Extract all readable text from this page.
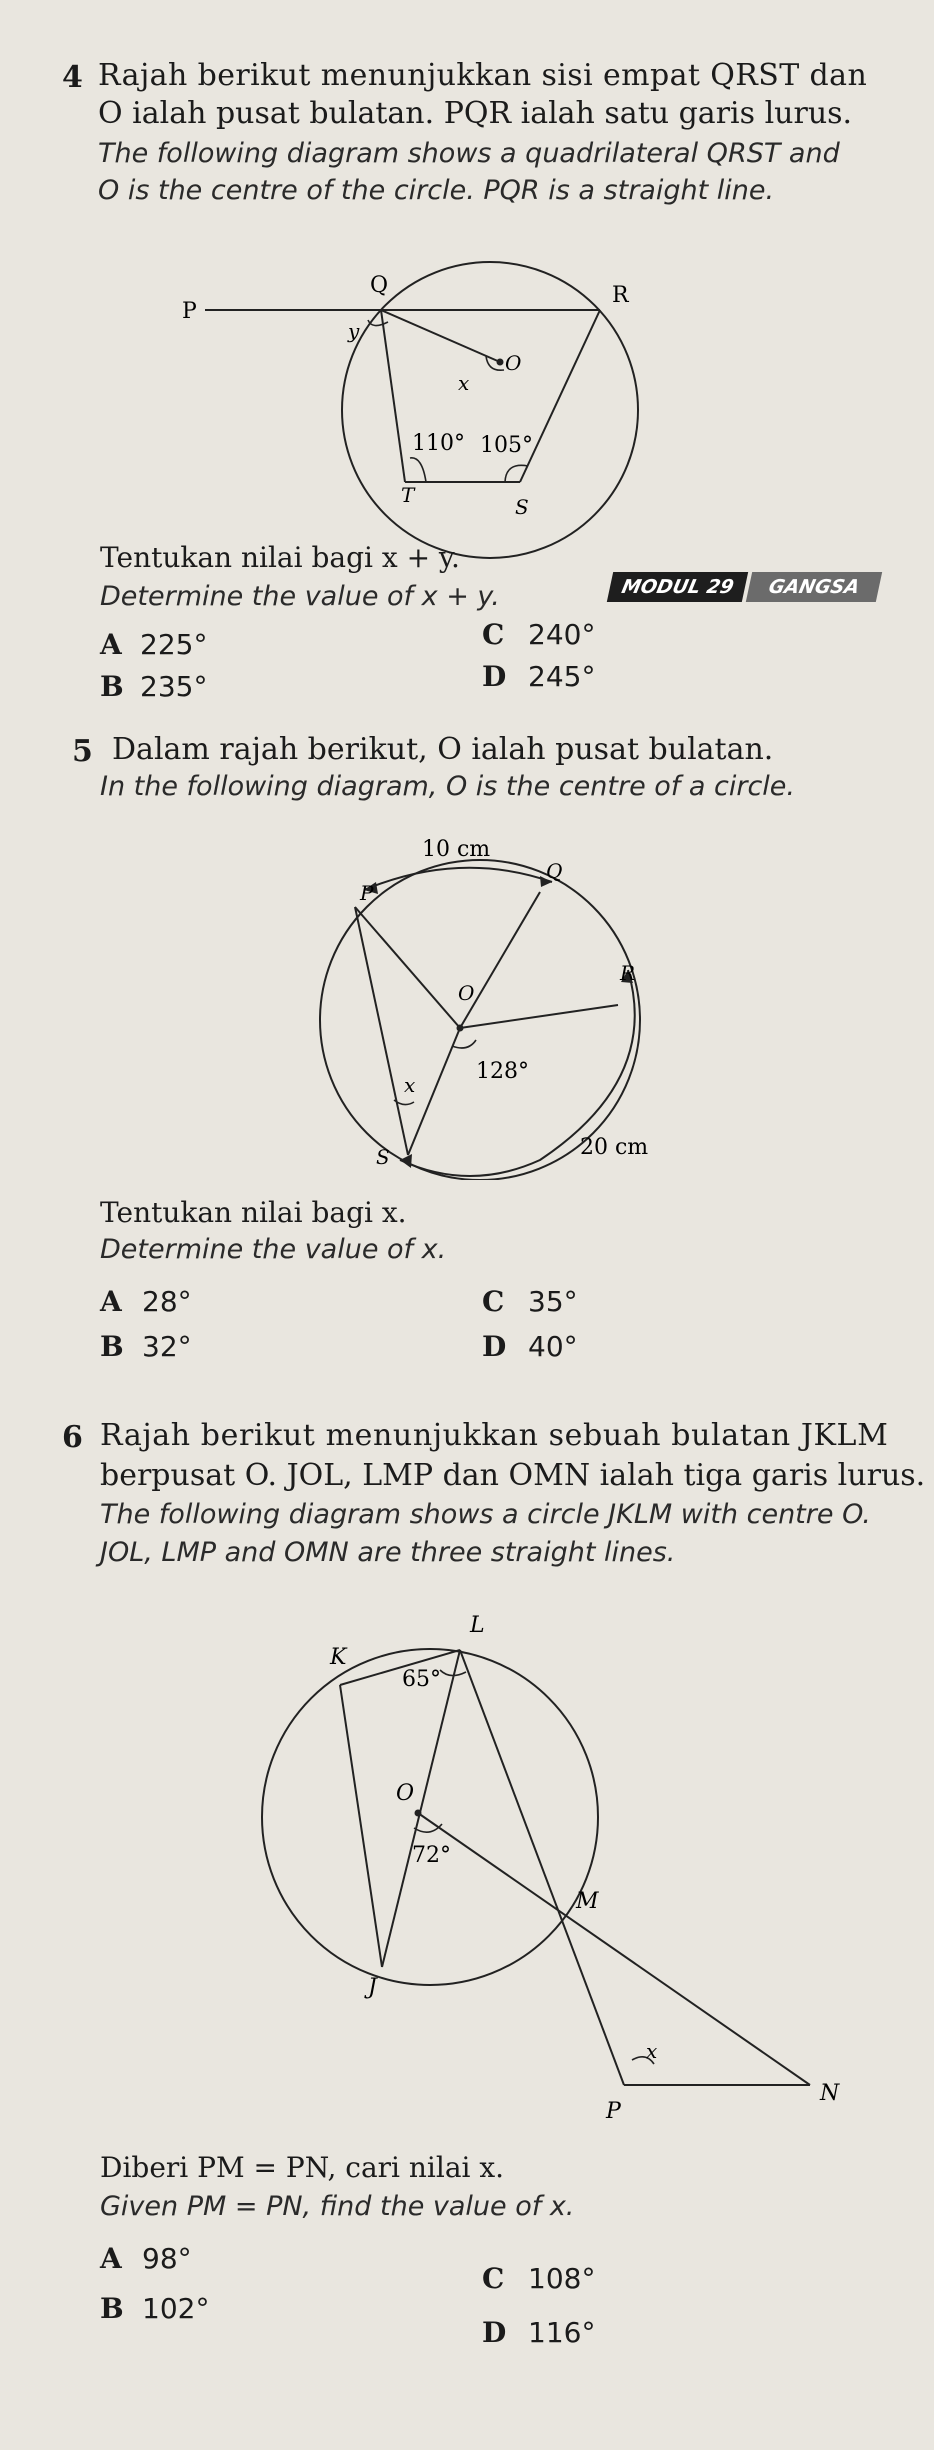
4 Rajah berikut menunjukkan sisi empat QRST dan
O ialah pusat bulatan. PQR ialah satu garis lurus.
The following diagram shows a quadrilateral QRST and
O is the centre of the circle. PQR is a straight line.
P
Q	R
y
O
x
110° 105°
T	S
Tentukan nilai bagi x + y.
Determine the value of x + y.	MODUL 29	GANGSA
A 225°
B 235°
C 240°
D 245°
5 Dalam rajah berikut, O ialah pusat bulatan.
In the following diagram, O is the centre of a circle.
10 cm
P
Q
O
R
128°
x
S	20 cm
Tentukan nilai bagi x.
Determine the value of x.
A 28°
B 32°
C 35°
D 40°
6 Rajah berikut menunjukkan sebuah bulatan JKLM
berpusat O. JOL, LMP dan OMN ialah tiga garis lurus.
The following diagram shows a circle JKLM with centre O.
JOL, LMP and OMN are three straight lines.
K
L
65°
O
72°
M
J
x
P
N
Diberi PM = PN, cari nilai x.
Given PM = PN, find the value of x.
A 98°
B 102°
C 108°
D 116°
